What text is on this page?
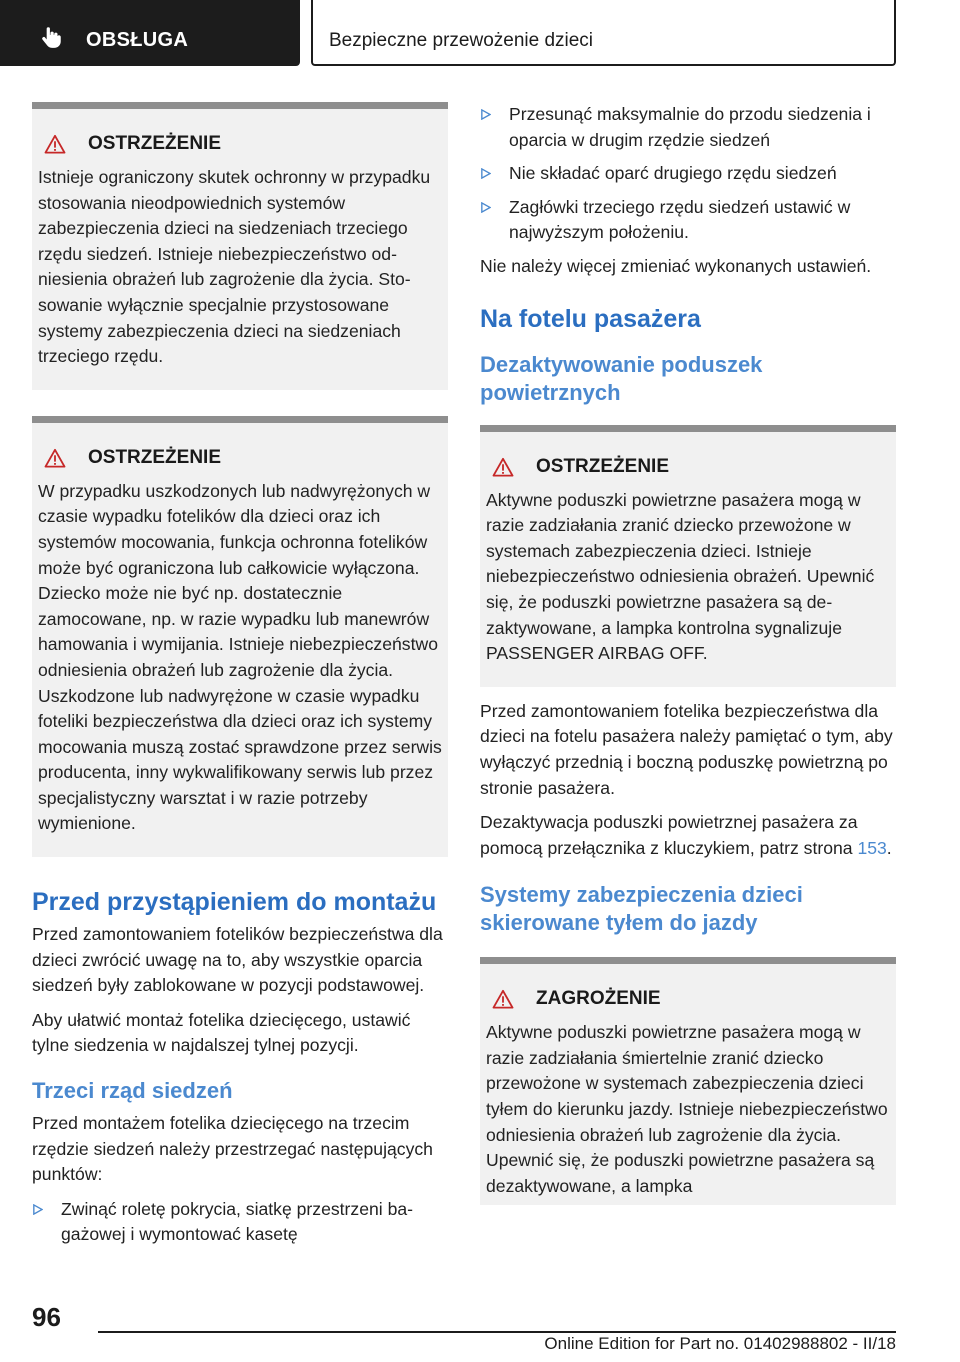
OBSŁUGA	Bezpieczne przewożenie dzieci
OSTRZEŻENIE

Istnieje ograniczony skutek ochronny w przypadku stosowania nieodpowiednich systemów zabezpieczenia dzieci na siedzeniach trzeciego rzędu siedzeń. Istnieje niebezpieczeństwo odniesienia obrażeń lub zagrożenie dla życia. Stosowanie wyłącznie specjalnie przystosowane systemy zabezpieczenia dzieci na siedzeniach trzeciego rzędu.

OSTRZEŻENIE

W przypadku uszkodzonych lub nadwyrężonych w czasie wypadku fotelików dla dzieci oraz ich systemów mocowania, funkcja ochronna fotelików może być ograniczona lub całkowicie wyłączona. Dziecko może nie być np. dostatecznie zamocowane, np. w razie wypadku lub manewrów hamowania i wymijania. Istnieje niebezpieczeństwo odniesienia obrażeń lub zagrożenie dla życia. Uszkodzone lub nadwyrężone w czasie wypadku foteliki bezpieczeństwa dla dzieci oraz ich systemy mocowania muszą zostać sprawdzone przez serwis producenta, inny wykwalifikowany serwis lub przez specjalistyczny warsztat i w razie potrzeby wymienione.

Przed przystąpieniem do montażu

Przed zamontowaniem fotelików bezpieczeństwa dla dzieci zwrócić uwagę na to, aby wszystkie oparcia siedzeń były zablokowane w pozycji podstawowej.

Aby ułatwić montaż fotelika dziecięcego, ustawić tylne siedzenia w najdalszej tylnej pozycji.

Trzeci rząd siedzeń

Przed montażem fotelika dziecięcego na trzecim rzędzie siedzeń należy przestrzegać następujących punktów:

Zwinąć roletę pokrycia, siatkę przestrzeni bagażowej i wymontować kasetę
Przesunąć maksymalnie do przodu siedzenia i oparcia w drugim rzędzie siedzeń
Nie składać oparć drugiego rzędu siedzeń
Zagłówki trzeciego rzędu siedzeń ustawić w najwyższym położeniu.

Nie należy więcej zmieniać wykonanych ustawień.

Na fotelu pasażera
Dezaktywowanie poduszek powietrznych
OSTRZEŻENIE

Aktywne poduszki powietrzne pasażera mogą w razie zadziałania zranić dziecko przewożone w systemach zabezpieczenia dzieci. Istnieje niebezpieczeństwo odniesienia obrażeń. Upewnić się, że poduszki powietrzne pasażera są dezaktywowane, a lampka kontrolna sygnalizuje PASSENGER AIRBAG OFF.

Przed zamontowaniem fotelika bezpieczeństwa dla dzieci na fotelu pasażera należy pamiętać o tym, aby wyłączyć przednią i boczną poduszkę powietrzną po stronie pasażera.

Dezaktywacja poduszki powietrznej pasażera za pomocą przełącznika z kluczykiem, patrz strona 153.

Systemy zabezpieczenia dzieci skierowane tyłem do jazdy
ZAGROŻENIE

Aktywne poduszki powietrzne pasażera mogą w razie zadziałania śmiertelnie zranić dziecko przewożone w systemach zabezpieczenia dzieci tyłem do kierunku jazdy. Istnieje niebezpieczeństwo odniesienia obrażeń lub zagrożenie dla życia. Upewnić się, że poduszki powietrzne pasażera są dezaktywowane, a lampka

96
Online Edition for Part no. 01402988802 - II/18
